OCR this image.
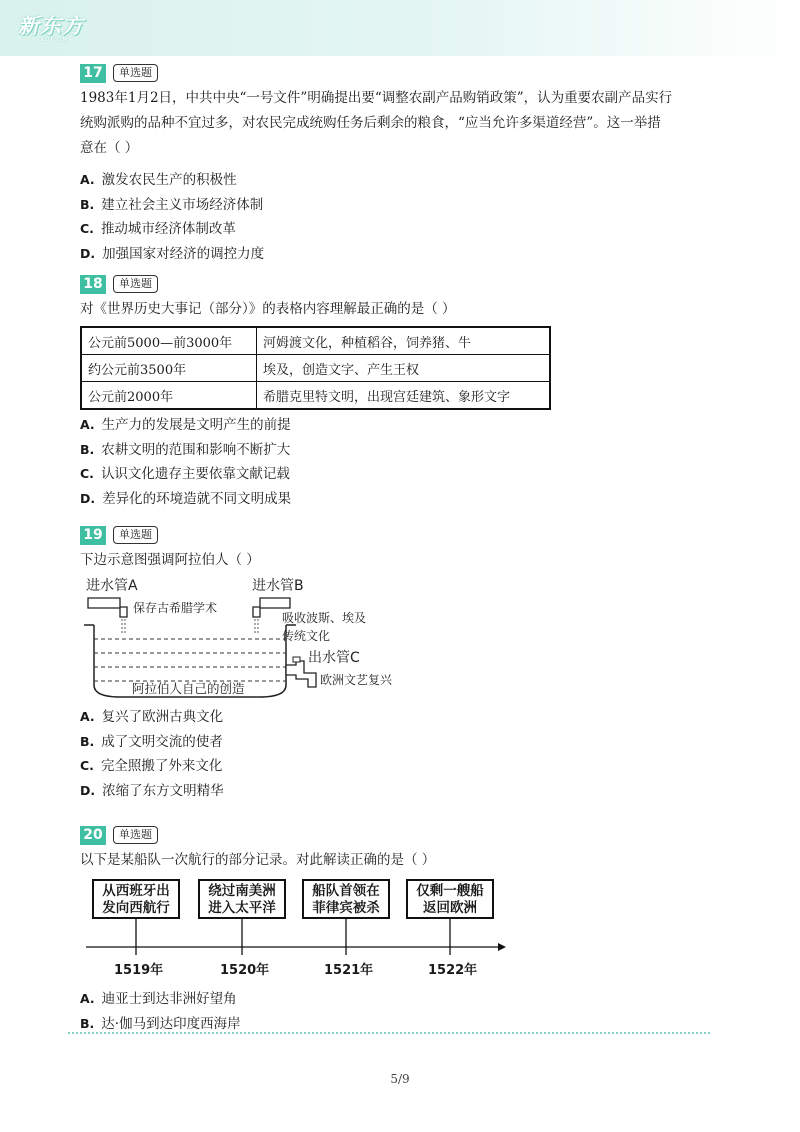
新东方
XDF.CN
17	单选题
1983年1月2日，中共中央“一号文件”明确提出要“调整农副产品购销政策”，认为重要农副产品实行
统购派购的品种不宜过多，对农民完成统购任务后剩余的粮食，“应当允许多渠道经营”。这一举措
意在（ ）
A. 激发农民生产的积极性
B. 建立社会主义市场经济体制
C. 推动城市经济体制改革
D. 加强国家对经济的调控力度
18	单选题
对《世界历史大事记（部分）》的表格内容理解最正确的是（ ）
公元前5000—前3000年	河姆渡文化，种植稻谷，饲养猪、牛
约公元前3500年	埃及，创造文字、产生王权
公元前2000年	希腊克里特文明，出现宫廷建筑、象形文字
A. 生产力的发展是文明产生的前提
B. 农耕文明的范围和影响不断扩大
C. 认识文化遗存主要依靠文献记载
D. 差异化的环境造就不同文明成果
19	单选题
下边示意图强调阿拉伯人（ ）
进水管A	进水管B
保存古希腊学术
吸收波斯、埃及
传统文化
出水管C
欧洲文艺复兴
阿拉伯人自己的创造
A. 复兴了欧洲古典文化
B. 成了文明交流的使者
C. 完全照搬了外来文化
D. 浓缩了东方文明精华
20	单选题
以下是某船队一次航行的部分记录。对此解读正确的是（ ）
从西班牙出
发向西航行
绕过南美洲
进入太平洋
船队首领在
菲律宾被杀
仅剩一艘船
返回欧洲
1519年	1520年	1521年	1522年
A. 迪亚士到达非洲好望角
B. 达·伽马到达印度西海岸
5/9
